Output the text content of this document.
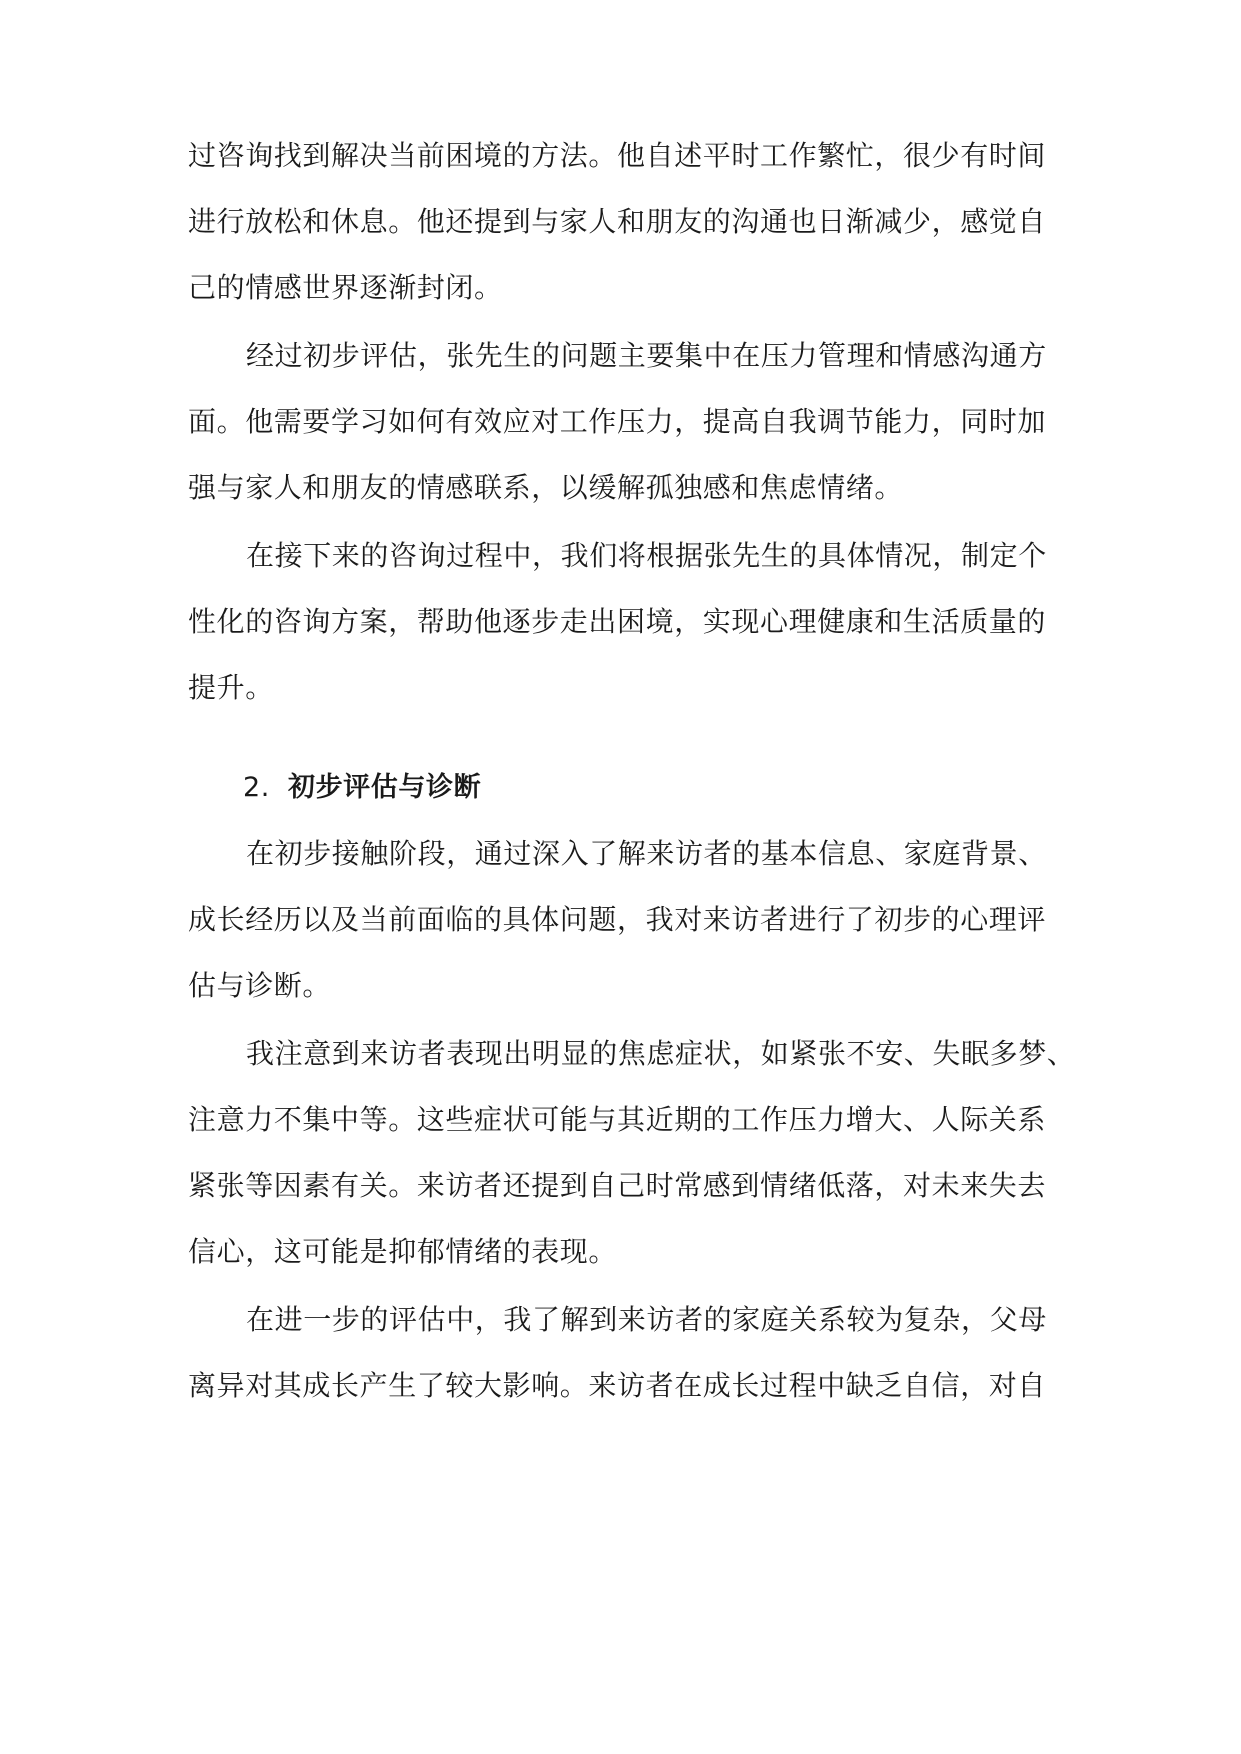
过咨询找到解决当前困境的方法。他自述平时工作繁忙，很少有时间
进行放松和休息。他还提到与家人和朋友的沟通也日渐减少，感觉自
己的情感世界逐渐封闭。
经过初步评估，张先生的问题主要集中在压力管理和情感沟通方
面。他需要学习如何有效应对工作压力，提高自我调节能力，同时加
强与家人和朋友的情感联系，以缓解孤独感和焦虑情绪。
在接下来的咨询过程中，我们将根据张先生的具体情况，制定个
性化的咨询方案，帮助他逐步走出困境，实现心理健康和生活质量的
提升。
2. 初步评估与诊断
在初步接触阶段，通过深入了解来访者的基本信息、家庭背景、
成长经历以及当前面临的具体问题，我对来访者进行了初步的心理评
估与诊断。
我注意到来访者表现出明显的焦虑症状，如紧张不安、失眠多梦、
注意力不集中等。这些症状可能与其近期的工作压力增大、人际关系
紧张等因素有关。来访者还提到自己时常感到情绪低落，对未来失去
信心，这可能是抑郁情绪的表现。
在进一步的评估中，我了解到来访者的家庭关系较为复杂，父母
离异对其成长产生了较大影响。来访者在成长过程中缺乏自信，对自
